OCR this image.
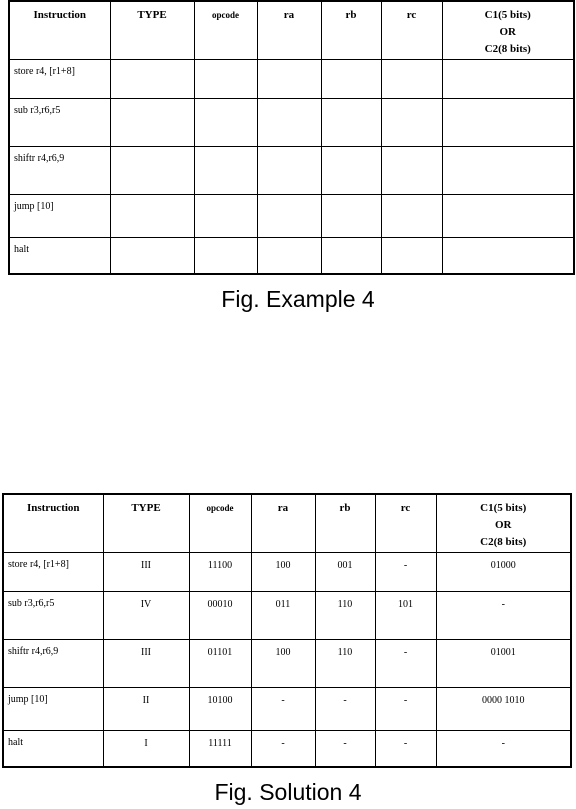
Instruction	TYPE	opcode	ra	rb	rc	C1(5 bits)
OR
C2(8 bits)

store r4, [r1+8]						
sub r3,r6,r5						
shiftr r4,r6,9						
jump [10]						
halt						
Fig. Example 4
Instruction	TYPE	opcode	ra	rb	rc	C1(5 bits)
OR
C2(8 bits)

store r4, [r1+8]	III	11100	100	001	-	01000
sub r3,r6,r5	IV	00010	011	110	101	-
shiftr r4,r6,9	III	01101	100	110	-	01001
jump [10]	II	10100	-	-	-	0000 1010
halt	I	11111	-	-	-	-
Fig. Solution 4
